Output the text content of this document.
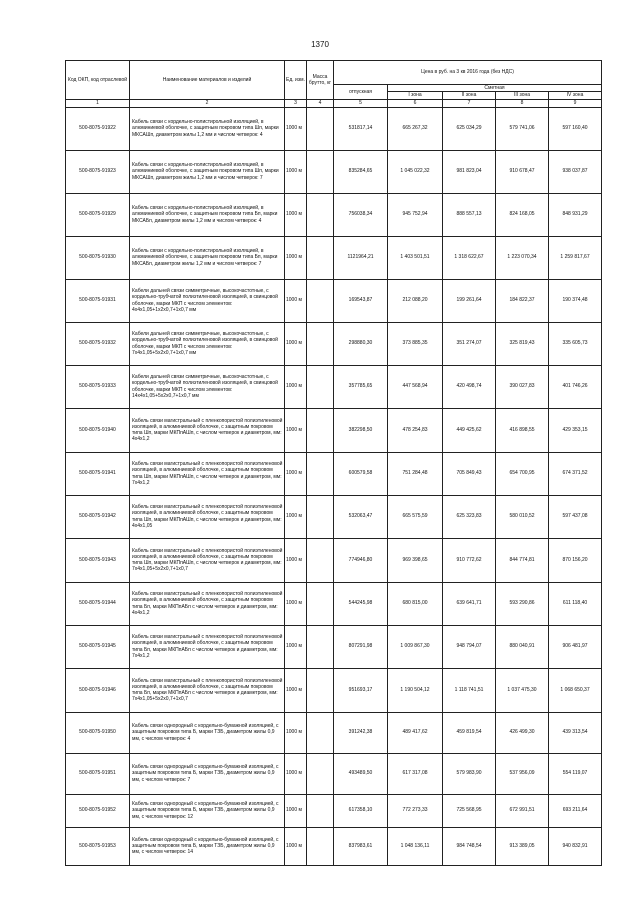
1370
Код ОКП, код отраслевой	Наименование материалов и изделий	Ед. изм.	Масса брутто, кг	Цена в руб. на 3 кв 2016 года (без НДС)				
				отпускная	Сметная			
					I зона	II зона	III зона	IV зона
1	2	3	4	5	6	7	8	9
500-8075-91922	Кабель связи с кордельно-полистирольной изоляцией, в алюминиевой оболочке, с защитным покровом типа Шп, марки МКСАШп, диаметром жилы 1,2 мм и числом четверок: 4	1000 м		531817,14	665 267,32	625 034,29	579 741,06	597 160,40
500-8075-91923	Кабель связи с кордельно-полистирольной изоляцией, в алюминиевой оболочке, с защитным покровом типа Шп, марки МКСАШп, диаметром жилы 1,2 мм и числом четверок: 7	1000 м		835284,65	1 045 022,32	981 823,04	910 678,47	938 037,87
500-8075-91929	Кабель связи с кордельно-полистирольной изоляцией, в алюминиевой оболочке, с защитным покровом типа Бп, марки МКСАБп, диаметром жилы 1,2 мм и числом четверок: 4	1000 м		756038,34	945 752,94	888 557,13	824 168,05	848 931,29
500-8075-91930	Кабель связи с кордельно-полистирольной изоляцией, в алюминиевой оболочке, с защитным покровом типа Бп, марки МКСАБп, диаметром жилы 1,2 мм и числом четверок: 7	1000 м		1121964,21	1 403 501,51	1 318 622,67	1 223 070,34	1 259 817,67
500-8075-91931	Кабели дальней связи симметричные, высокочастотные, с кордельно-трубчатой полиэтиленовой изоляцией, в свинцовой оболочке, марки МКП с числом элементов: 4х4х1,05+1х2х0,7+1х0,7 мм	1000 м		169543,87	212 088,20	199 261,64	184 822,37	190 374,48
500-8075-91932	Кабели дальней связи симметричные, высокочастотные, с кордельно-трубчатой полиэтиленовой изоляцией, в свинцовой оболочке, марки МКП с числом элементов: 7х4х1,05+5х2х0,7+1х0,7 мм	1000 м		298880,30	373 885,35	351 274,07	325 819,43	335 605,73
500-8075-91933	Кабели дальней связи симметричные, высокочастотные, с кордельно-трубчатой полиэтиленовой изоляцией, в свинцовой оболочке, марки МКП с числом элементов: 14х4х1,05+5х2х0,7+1х0,7 мм	1000 м		357785,65	447 568,94	420 498,74	390 027,83	401 746,26
500-8075-91940	Кабель связи магистральный с пленкопористой полиэтиленовой изоляцией, в алюминиевой оболочке, с защитным покровом типа Шп, марки МКПпАШп, с числом четверок и диаметром, мм: 4х4х1,2	1000 м		382298,50	478 254,83	449 425,62	416 898,55	429 353,15
500-8075-91941	Кабель связи магистральный с пленкопористой полиэтиленовой изоляцией, в алюминиевой оболочке, с защитным покровом типа Шп, марки МКПпАШп, с числом четверок и диаметром, мм: 7х4х1,2	1000 м		600579,58	751 284,48	705 849,43	654 700,95	674 371,52
500-8075-91942	Кабель связи магистральный с пленкопористой полиэтиленовой изоляцией, в алюминиевой оболочке, с защитным покровом типа Шп, марки МКПпАШп, с числом четверок и диаметром, мм: 4х4х1,05	1000 м		532063,47	665 575,59	625 323,83	580 010,52	597 437,08
500-8075-91943	Кабель связи магистральный с пленкопористой полиэтиленовой изоляцией, в алюминиевой оболочке, с защитным покровом типа Шп, марки МКПпАШп, с числом четверок и диаметром, мм: 7х4х1,05+5х2х0,7+1х0,7	1000 м		774946,80	969 398,65	910 772,62	844 774,81	870 156,20
500-8075-91944	Кабель связи магистральный с пленкопористой полиэтиленовой изоляцией, в алюминиевой оболочке, с защитным покровом типа Бп, марки МКПпАБп с числом четверок и диаметром, мм: 4х4х1,2	1000 м		544245,98	680 815,00	639 641,71	593 290,86	611 118,40
500-8075-91945	Кабель связи магистральный с пленкопористой полиэтиленовой изоляцией, в алюминиевой оболочке, с защитным покровом типа Бп, марки МКПпАБп с числом четверок и диаметром, мм: 7х4х1,2	1000 м		807291,98	1 009 867,30	948 794,07	880 040,91	906 481,97
500-8075-91946	Кабель связи магистральный с пленкопористой полиэтиленовой изоляцией, в алюминиевой оболочке, с защитным покровом типа Бп, марки МКПпАБп с числом четверок и диаметром, мм: 7х4х1,05+5х2х0,7+1х0,7	1000 м		951693,17	1 190 504,12	1 118 741,51	1 037 475,30	1 068 650,37
500-8075-91950	Кабель связи однородный с кордельно-бумажной изоляцией, с защитным покровом типа Б, марки ТЗБ, диаметром жилы 0,9 мм, с числом четверок: 4	1000 м		391242,38	489 417,62	459 819,54	426 499,30	439 313,54
500-8075-91951	Кабель связи однородный с кордельно-бумажной изоляцией, с защитным покровом типа Б, марки ТЗБ, диаметром жилы 0,9 мм, с числом четверок: 7	1000 м		493489,50	617 317,08	579 983,90	537 956,09	554 119,07
500-8075-91952	Кабель связи однородный с кордельно-бумажной изоляцией, с защитным покровом типа Б, марки ТЗБ, диаметром жилы 0,9 мм, с числом четверок: 12	1000 м		617358,10	772 273,33	725 568,95	672 991,51	693 211,64
500-8075-91953	Кабель связи однородный с кордельно-бумажной изоляцией, с защитным покровом типа Б, марки ТЗБ, диаметром жилы 0,9 мм, с числом четверок: 14	1000 м		837983,61	1 048 136,11	984 748,54	913 389,05	940 832,91
